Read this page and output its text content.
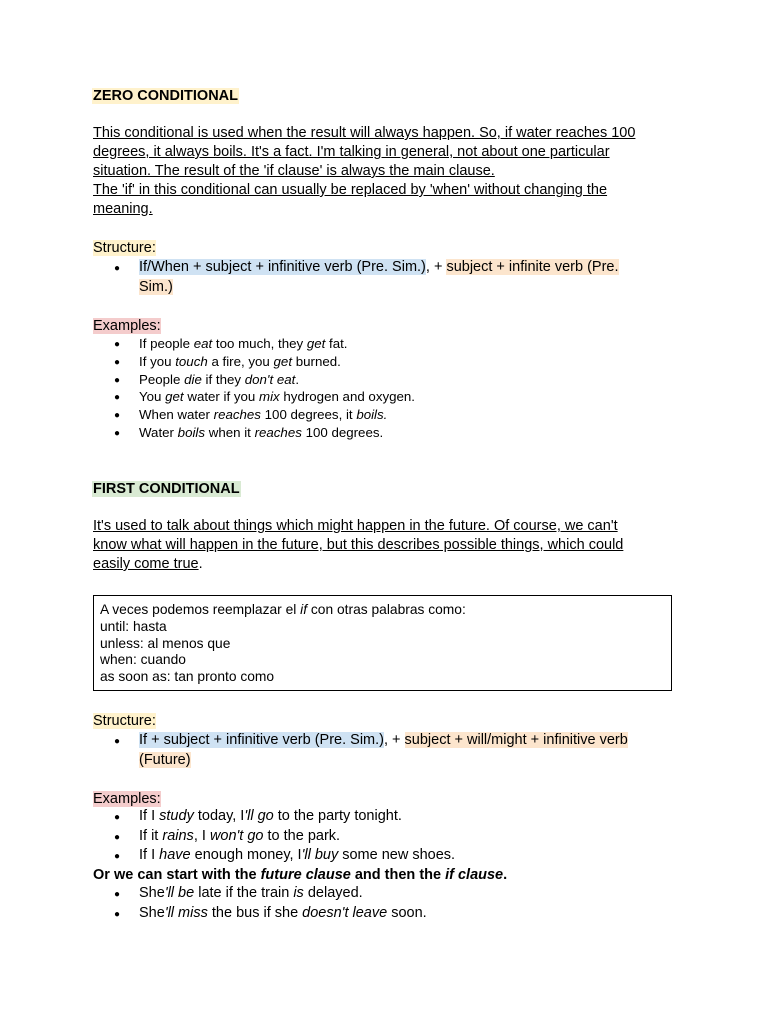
ZERO CONDITIONAL
This conditional is used when the result will always happen. So, if water reaches 100
degrees, it always boils. It's a fact. I'm talking in general, not about one particular
situation. The result of the 'if clause' is always the main clause.
The 'if' in this conditional can usually be replaced by 'when' without changing the
meaning.
Structure:
● If/When + subject + infinitive verb (Pre. Sim.), + subject + infinite verb (Pre.
Sim.)
Examples:
● If people eat too much, they get fat.
● If you touch a fire, you get burned.
● People die if they don't eat.
● You get water if you mix hydrogen and oxygen.
● When water reaches 100 degrees, it boils.
● Water boils when it reaches 100 degrees.
FIRST CONDITIONAL
It's used to talk about things which might happen in the future. Of course, we can't
know what will happen in the future, but this describes possible things, which could
easily come true.
A veces podemos reemplazar el if con otras palabras como:
until: hasta
unless: al menos que
when: cuando
as soon as: tan pronto como
Structure:
● If + subject + infinitive verb (Pre. Sim.), + subject + will/might + infinitive verb
(Future)
Examples:
● If I study today, I'll go to the party tonight.
● If it rains, I won't go to the park.
● If I have enough money, I'll buy some new shoes.
Or we can start with the future clause and then the if clause.
● She'll be late if the train is delayed.
● She'll miss the bus if she doesn't leave soon.
